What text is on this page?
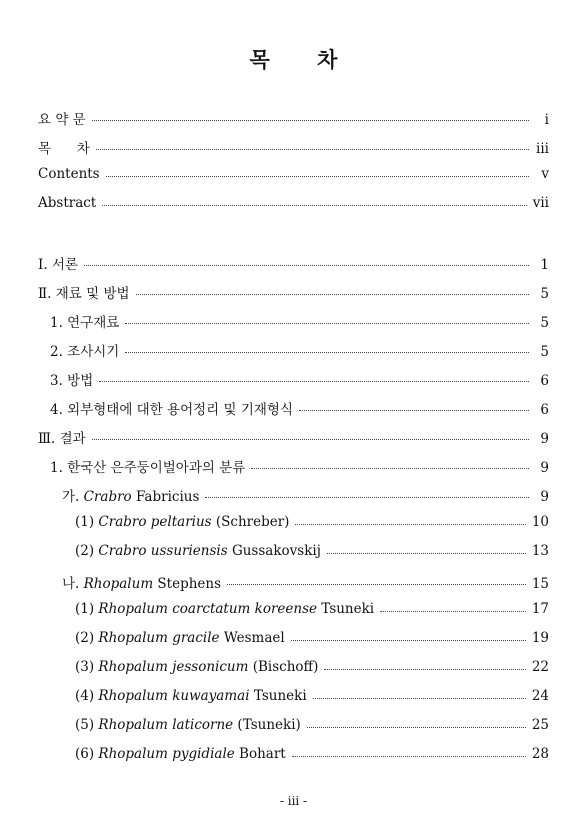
목 차
요 약 문	i
목      차	iii
Contents	v
Abstract	vii
Ⅰ. 서론	1
Ⅱ. 재료 및 방법	5
1. 연구재료	5
2. 조사시기	5
3. 방법	6
4. 외부형태에 대한 용어정리 및 기재형식	6
Ⅲ. 결과	9
1. 한국산 은주둥이벌아과의 분류	9
가. Crabro Fabricius	9
(1) Crabro peltarius (Schreber)	10
(2) Crabro ussuriensis Gussakovskij	13
나. Rhopalum Stephens	15
(1) Rhopalum coarctatum koreense Tsuneki	17
(2) Rhopalum gracile Wesmael	19
(3) Rhopalum jessonicum (Bischoff)	22
(4) Rhopalum kuwayamai Tsuneki	24
(5) Rhopalum laticorne (Tsuneki)	25
(6) Rhopalum pygidiale Bohart	28
- iii -
